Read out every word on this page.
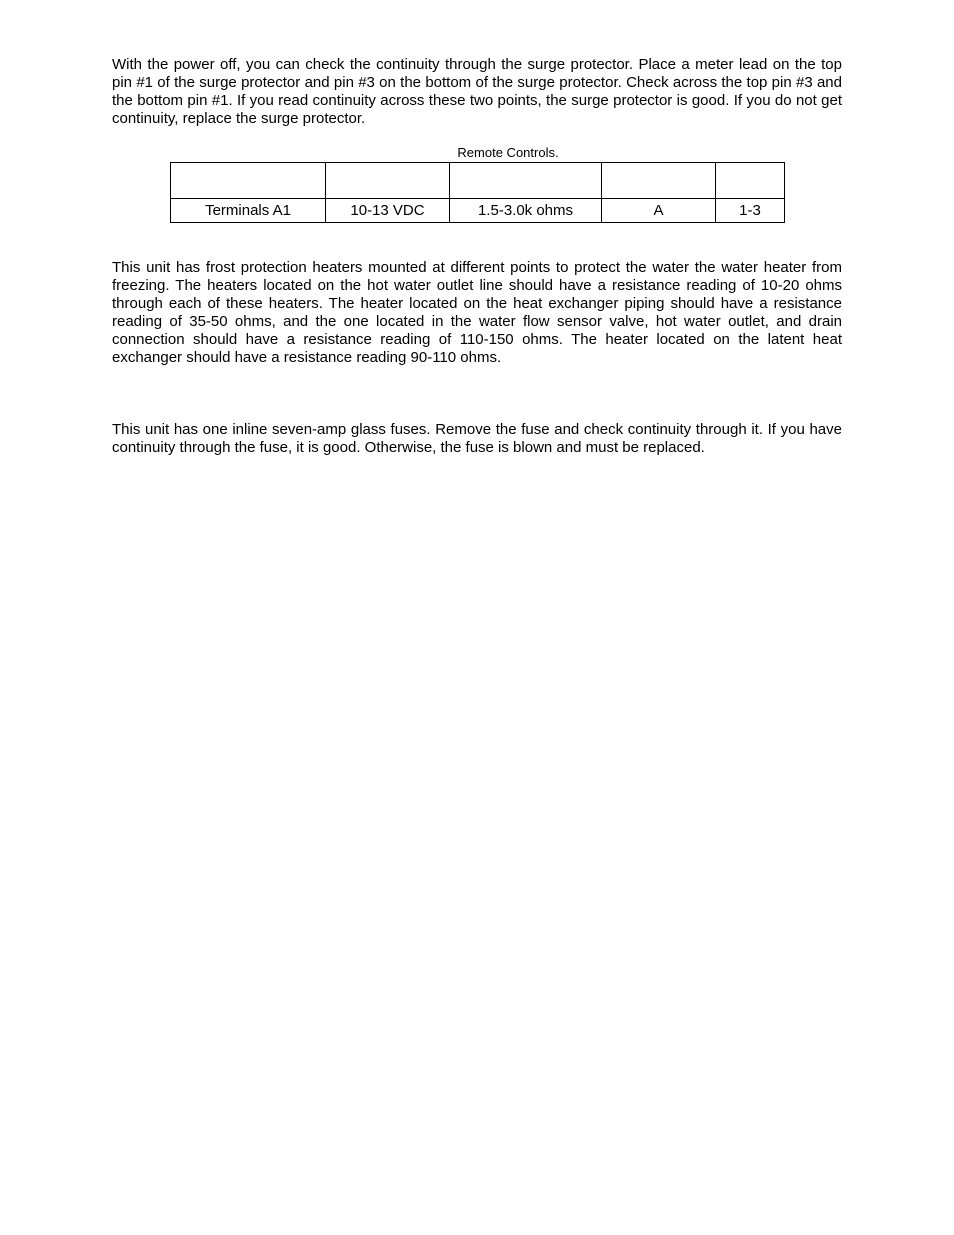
With the power off, you can check the continuity through the surge protector. Place a meter lead on the top pin #1 of the surge protector and pin #3 on the bottom of the surge protector. Check across the top pin #3 and the bottom pin #1. If you read continuity across these two points, the surge protector is good. If you do not get continuity, replace the surge protector.

Remote Controls.

Terminals A1	10-13 VDC	1.5-3.0k ohms	A	1-3

This unit has frost protection heaters mounted at different points to protect the water the water heater from freezing. The heaters located on the hot water outlet line should have a resistance reading of 10-20 ohms through each of these heaters. The heater located on the heat exchanger piping should have a resistance reading of 35-50 ohms, and the one located in the water flow sensor valve, hot water outlet, and drain connection should have a resistance reading of 110-150 ohms. The heater located on the latent heat exchanger should have a resistance reading 90-110 ohms.

This unit has one inline seven-amp glass fuses. Remove the fuse and check continuity through it. If you have continuity through the fuse, it is good. Otherwise, the fuse is blown and must be replaced.
